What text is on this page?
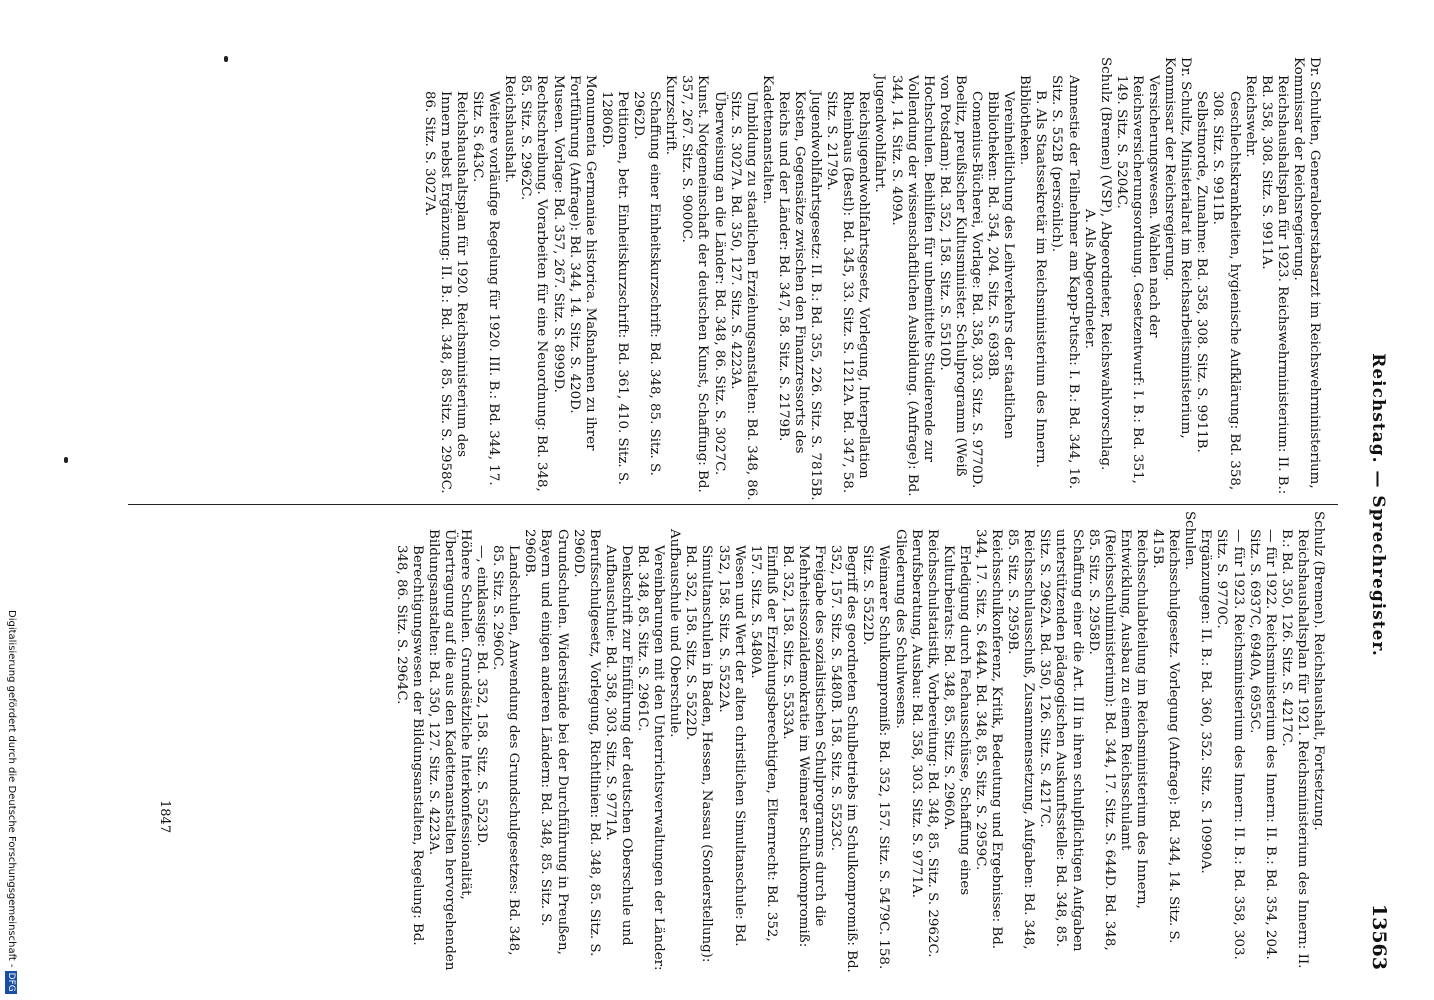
Reichstag. — Sprechregister.
13563
Dr. Schulten, Generaloberstabsarzt im Reichswehrministerium, Kommissar der Reichsregierung.
Reichshaushaltsplan für 1923. Reichswehrministerium: II. B.: Bd. 358, 308. Sitz. S. 9911A.
Reichswehr.
Geschlechtskrankheiten, hygienische Aufklärung: Bd. 358, 308. Sitz. S. 9911B.
Selbstmorde, Zunahme: Bd. 358, 308. Sitz. S. 9911B.
Dr. Schultz, Ministerialrat im Reichsarbeitsministerium, Kommissar der Reichsregierung.
Versicherungswesen. Wahlen nach der Reichsversicherungsordnung. Gesetzentwurf: I. B.: Bd. 351, 149. Sitz. S. 5204C.
Schulz (Bremen) (VSP), Abgeordneter, Reichswahlvorschlag.
A. Als Abgeordneter.
Amnestie der Teilnehmer am Kapp-Putsch: I. B.: Bd. 344, 16. Sitz. S. 552B (persönlich).
B. Als Staatssekretär im Reichsministerium des Innern.
Bibliotheken.
Vereinheitlichung des Leihverkehrs der staatlichen Bibliotheken: Bd. 354, 204. Sitz. S. 6938B.
Comenius-Bücherei, Vorlage: Bd. 358, 303. Sitz. S. 9770D.
Boelitz, preußischer Kultusminister. Schulprogramm (Weiß von Potsdam): Bd. 352, 158. Sitz. S. 5510D.
Hochschulen. Beihilfen für unbemittelte Studierende zur Vollendung der wissenschaftlichen Ausbildung. (Anfrage): Bd. 344, 14. Sitz. S. 409A.
Jugendwohlfahrt.
Reichsjugendwohlfahrtsgesetz, Vorlegung, Interpellation Rheinbaus (Bestl): Bd. 345, 33. Sitz. S. 1212A. Bd. 347, 58. Sitz. S. 2179A.
Jugendwohlfahrtsgesetz: II. B.: Bd. 355, 226. Sitz. S. 7815B.
Kosten, Gegensätze zwischen den Finanzressorts des Reichs und der Länder: Bd. 347, 58. Sitz. S. 2179B.
Kadettenanstalten.
Umbildung zu staatlichen Erziehungsanstalten: Bd. 348, 86. Sitz. S. 3027A. Bd. 350, 127. Sitz. S. 4223A.
Überweisung an die Länder: Bd. 348, 86. Sitz. S. 3027C.
Kunst. Notgemeinschaft der deutschen Kunst, Schaffung: Bd. 357, 267. Sitz. S. 9000C.
Kurzschrift.
Schaffung einer Einheitskurzschrift: Bd. 348, 85. Sitz. S. 2962D.
Petitionen, betr. Einheitskurzschrift: Bd. 361, 410. Sitz. S. 12806D.
Monumenta Germaniae historica. Maßnahmen zu ihrer Fortführung (Anfrage): Bd. 344, 14. Sitz. S. 420D.
Museen. Vorlage: Bd. 357, 267. Sitz. S. 8999D.
Rechtschreibung. Vorarbeiten für eine Neuordnung: Bd. 348, 85. Sitz. S. 2962C.
Reichshaushalt.
Weitere vorläufige Regelung für 1920. III. B.: Bd. 344, 17. Sitz. S. 643C.
Reichshaushaltsplan für 1920. Reichsministerium des Innern nebst Ergänzung: II. B.: Bd. 348, 85. Sitz. S. 2958C. 86. Sitz. S. 3027A.
Schulz (Bremen). Reichshaushalt, Fortsetzung.
Reichshaushaltsplan für 1921. Reichsministerium des Innern: II. B.: Bd. 350, 126. Sitz. S. 4217C.
— für 1922. Reichsministerium des Innern: II. B.: Bd. 354, 204. Sitz. S. 6937C, 6940A, 6955C.
— für 1923. Reichsministerium des Innern: II. B.: Bd. 358, 303. Sitz. S. 9770C.
Ergänzungen: II. B.: Bd. 360, 352. Sitz. S. 10990A.
Schulen.
Reichsschulgesetz. Vorlegung (Anfrage): Bd. 344, 14. Sitz. S. 415B.
Reichsschulabteilung im Reichsministerium des Innern, Entwicklung, Ausbau zu einem Reichsschulamt (Reichsschulministerium): Bd. 344, 17. Sitz. S. 644D. Bd. 348, 85. Sitz. S. 2958D.
Schaffung einer die Art. III in ihren schulpflichtigen Aufgaben unterstützenden pädagogischen Auskunftsstelle: Bd. 348, 85. Sitz. S. 2962A. Bd. 350, 126. Sitz. S. 4217C.
Reichsschulausschuß, Zusammensetzung, Aufgaben: Bd. 348, 85. Sitz. S. 2959B.
Reichsschulkonferenz, Kritik, Bedeutung und Ergebnisse: Bd. 344, 17. Sitz. S. 644A. Bd. 348, 85. Sitz. S. 2959C.
Erledigung durch Fachausschüsse, Schaffung eines Kulturbeirats: Bd. 348, 85. Sitz. S. 2960A.
Reichsschulstatistik, Vorbereitung: Bd. 348, 85. Sitz. S. 2962C.
Berufsberatung, Ausbau: Bd. 358, 303. Sitz. S. 9771A.
Gliederung des Schulwesens.
Weimarer Schulkompromiß: Bd. 352, 157. Sitz. S. 5479C. 158. Sitz. S. 5522D.
Begriff des geordneten Schulbetriebs im Schulkompromiß: Bd. 352, 157. Sitz. S. 5480B. 158. Sitz. S. 5523C.
Freigabe des sozialistischen Schulprogramms durch die Mehrheitssozialdemokratie im Weimarer Schulkompromiß: Bd. 352, 158. Sitz. S. 5533A.
Einfluß der Erziehungsberechtigten, Elternrecht: Bd. 352, 157. Sitz. S. 5480A.
Wesen und Wert der alten christlichen Simultanschule: Bd. 352, 158. Sitz. S. 5522A.
Simultanschulen in Baden, Hessen, Nassau (Sonderstellung): Bd. 352, 158. Sitz. S. 5522D.
Aufbauschule und Oberschule.
Vereinbarungen mit den Unterrichtsverwaltungen der Länder: Bd. 348, 85. Sitz. S. 2961C.
Denkschrift zur Einführung der deutschen Oberschule und Aufbauschule: Bd. 358, 303. Sitz. S. 9771A.
Berufsschulgesetz, Vorlegung, Richtlinien: Bd. 348, 85. Sitz. S. 2960D.
Grundschulen. Widerstände bei der Durchführung in Preußen, Bayern und einigen anderen Ländern: Bd. 348, 85. Sitz. S. 2960B.
Landschulen, Anwendung des Grundschulgesetzes: Bd. 348, 85. Sitz. S. 2960C.
—, einklassige: Bd. 352, 158. Sitz. S. 5523D.
Höhere Schulen. Grundsätzliche Interkonfessionalität, Übertragung auf die aus den Kadettenanstalten hervorgehenden Bildungsanstalten: Bd. 350, 127. Sitz. S. 4223A.
Berechtigungswesen der Bildungsanstalten, Regelung: Bd. 348, 86. Sitz. S. 2964C.
1847
Digitalisierung gefördert durch die Deutsche Forschungsgemeinschaft -DFG
